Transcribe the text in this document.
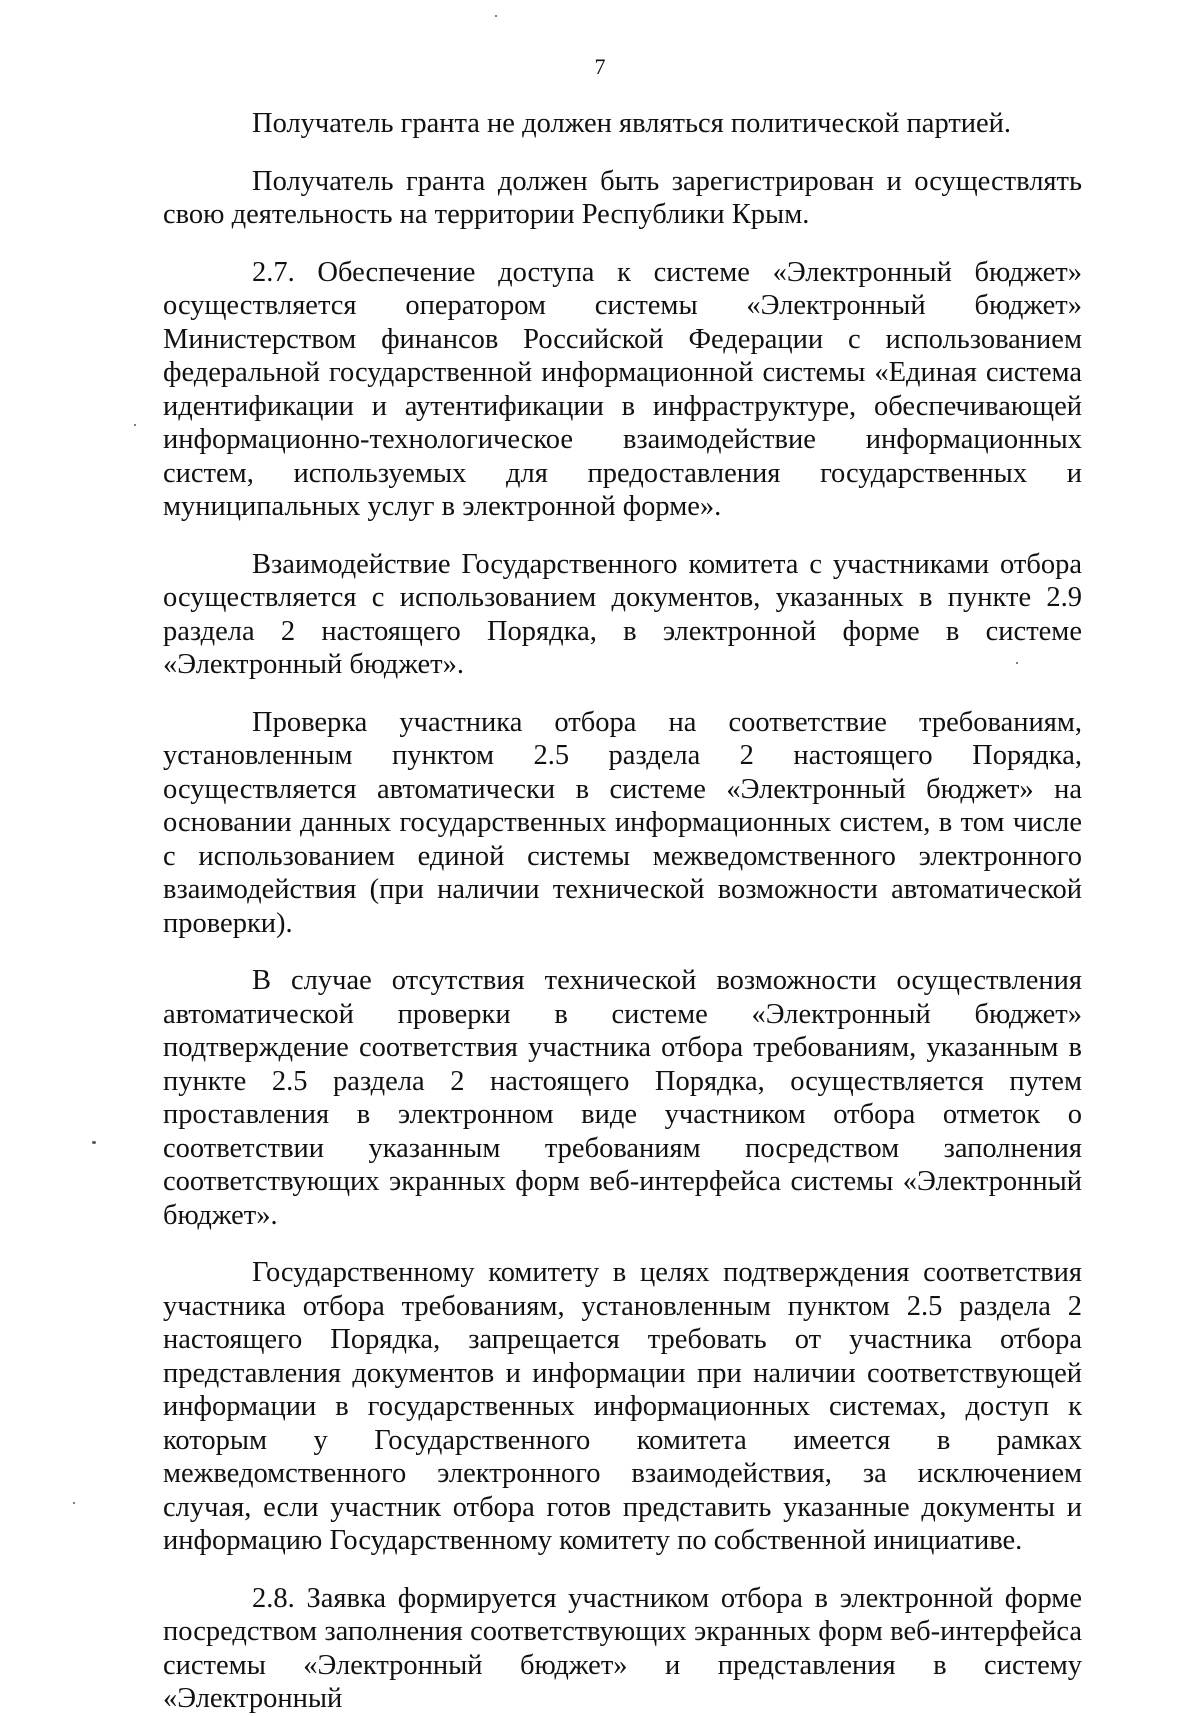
7

Получатель гранта не должен являться политической партией.

Получатель гранта должен быть зарегистрирован и осуществлять свою деятельность на территории Республики Крым.

2.7. Обеспечение доступа к системе «Электронный бюджет» осуществляется оператором системы «Электронный бюджет» Министерством финансов Российской Федерации с использованием федеральной государственной информационной системы «Единая система идентификации и аутентификации в инфраструктуре, обеспечивающей информационно-технологическое взаимодействие информационных систем, используемых для предоставления государственных и муниципальных услуг в электронной форме».

Взаимодействие Государственного комитета с участниками отбора осуществляется с использованием документов, указанных в пункте 2.9 раздела 2 настоящего Порядка, в электронной форме в системе «Электронный бюджет».

Проверка участника отбора на соответствие требованиям, установленным пунктом 2.5 раздела 2 настоящего Порядка, осуществляется автоматически в системе «Электронный бюджет» на основании данных государственных информационных систем, в том числе с использованием единой системы межведомственного электронного взаимодействия (при наличии технической возможности автоматической проверки).

В случае отсутствия технической возможности осуществления автоматической проверки в системе «Электронный бюджет» подтверждение соответствия участника отбора требованиям, указанным в пункте 2.5 раздела 2 настоящего Порядка, осуществляется путем проставления в электронном виде участником отбора отметок о соответствии указанным требованиям посредством заполнения соответствующих экранных форм веб-интерфейса системы «Электронный бюджет».

Государственному комитету в целях подтверждения соответствия участника отбора требованиям, установленным пунктом 2.5 раздела 2 настоящего Порядка, запрещается требовать от участника отбора представления документов и информации при наличии соответствующей информации в государственных информационных системах, доступ к которым у Государственного комитета имеется в рамках межведомственного электронного взаимодействия, за исключением случая, если участник отбора готов представить указанные документы и информацию Государственному комитету по собственной инициативе.

2.8. Заявка формируется участником отбора в электронной форме посредством заполнения соответствующих экранных форм веб-интерфейса системы «Электронный бюджет» и представления в систему «Электронный
